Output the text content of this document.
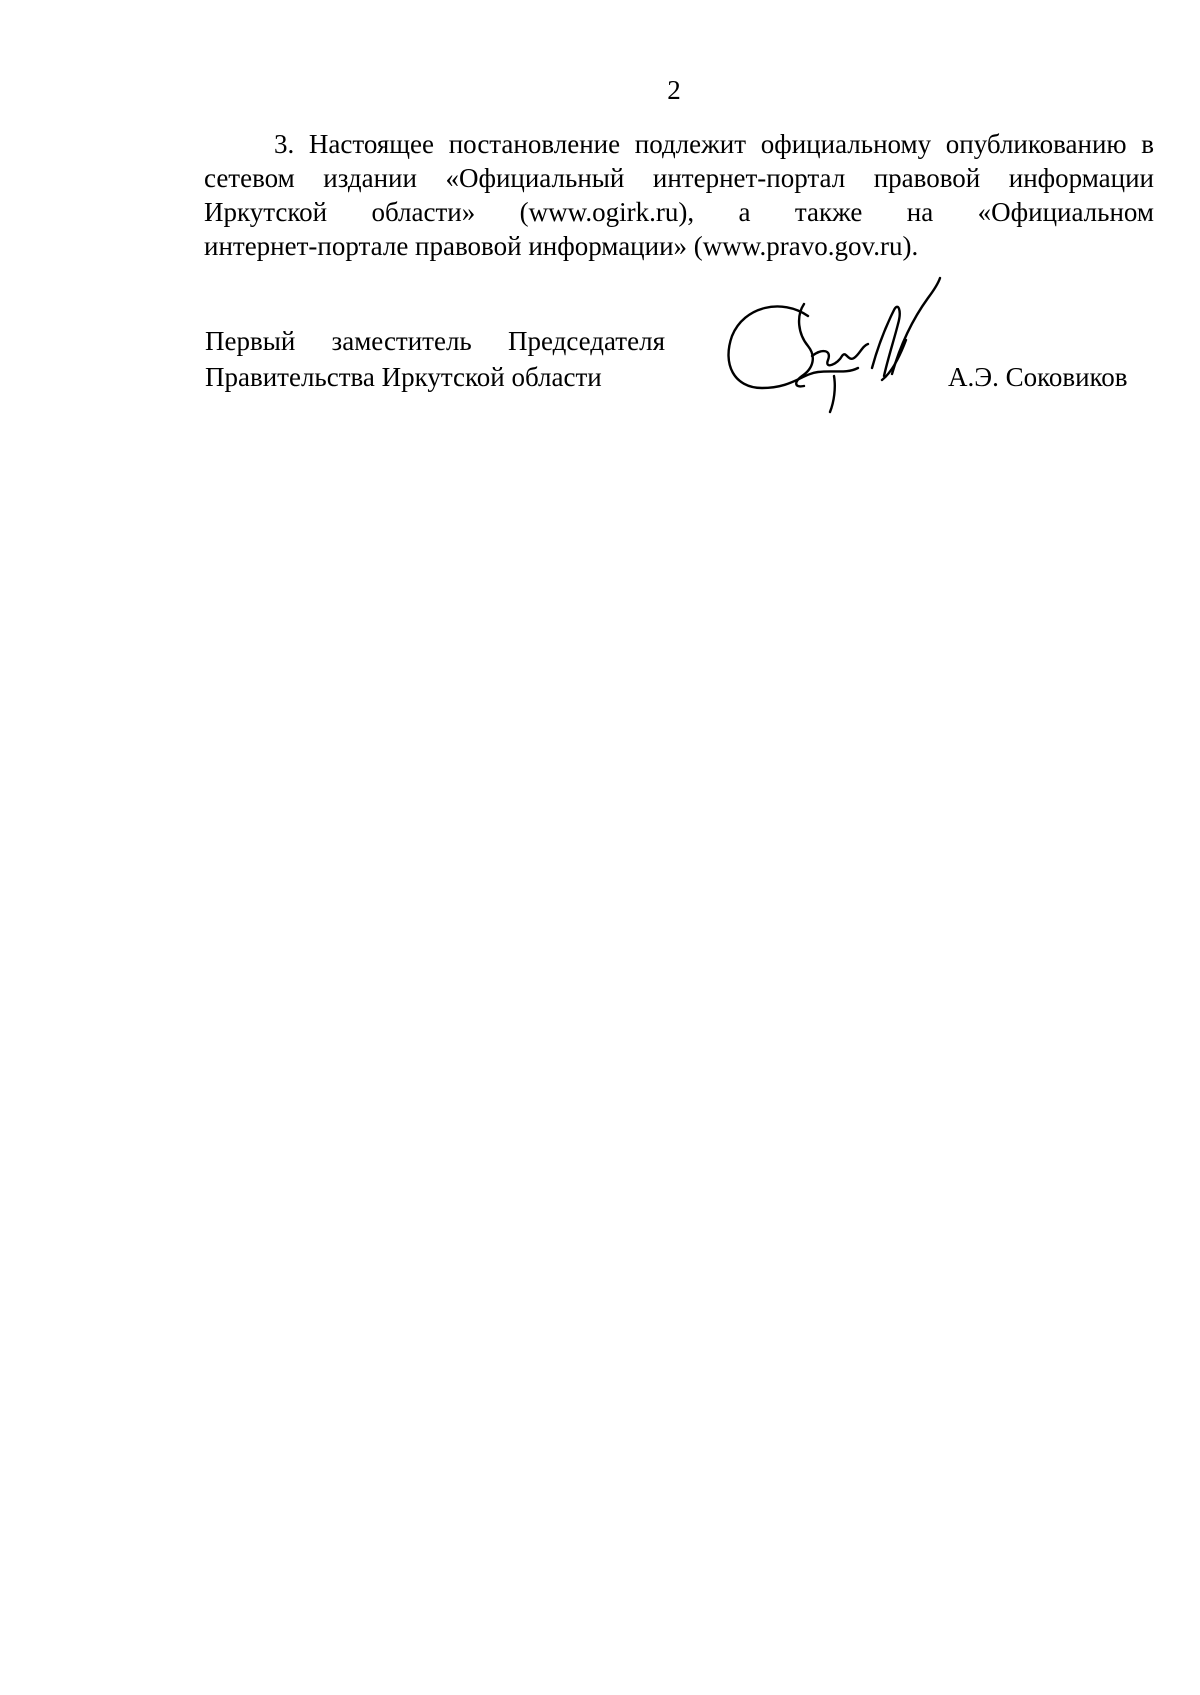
2
3. Настоящее постановление подлежит официальному опубликованию в
сетевом издании «Официальный интернет-портал правовой информации
Иркутской области» (www.ogirk.ru), а также на «Официальном
интернет-портале правовой информации» (www.pravo.gov.ru).
Первый заместитель Председателя
Правительства Иркутской области	А.Э. Соковиков
